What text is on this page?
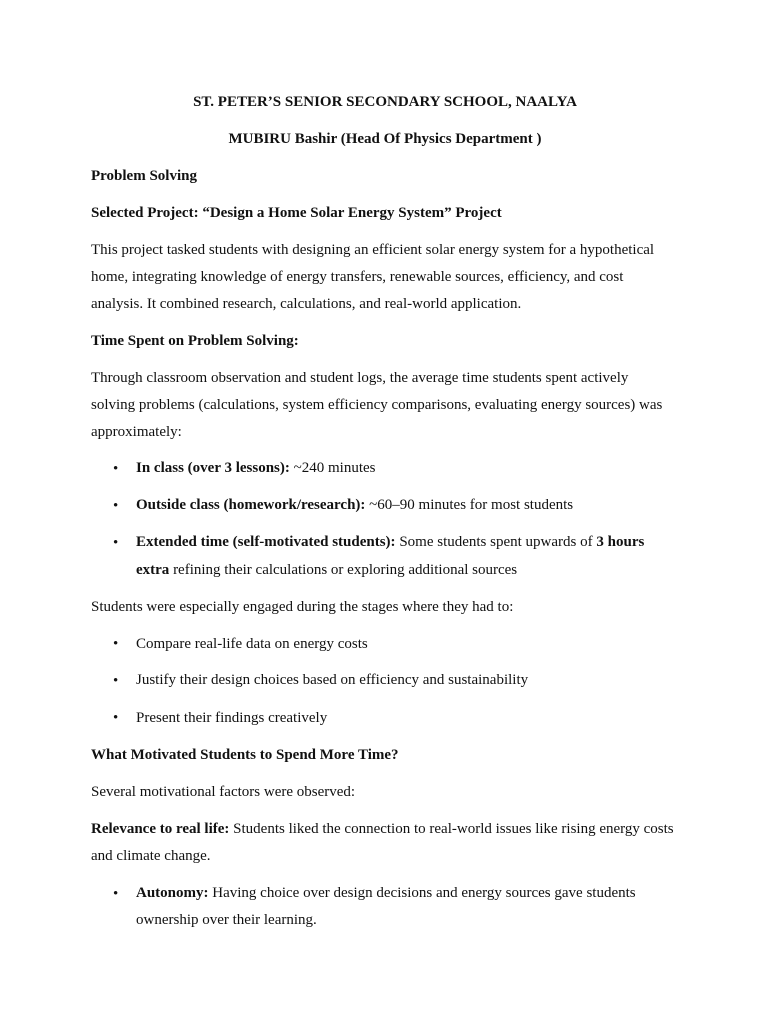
ST. PETER’S SENIOR SECONDARY SCHOOL, NAALYA
MUBIRU Bashir (Head Of Physics Department )
Problem Solving
Selected Project: “Design a Home Solar Energy System” Project
This project tasked students with designing an efficient solar energy system for a hypothetical
home, integrating knowledge of energy transfers, renewable sources, efficiency, and cost
analysis. It combined research, calculations, and real-world application.
Time Spent on Problem Solving:
Through classroom observation and student logs, the average time students spent actively
solving problems (calculations, system efficiency comparisons, evaluating energy sources) was
approximately:
• In class (over 3 lessons): ~240 minutes
• Outside class (homework/research): ~60–90 minutes for most students
• Extended time (self-motivated students): Some students spent upwards of 3 hours
extra refining their calculations or exploring additional sources
Students were especially engaged during the stages where they had to:
• Compare real-life data on energy costs
• Justify their design choices based on efficiency and sustainability
• Present their findings creatively
What Motivated Students to Spend More Time?
Several motivational factors were observed:
Relevance to real life: Students liked the connection to real-world issues like rising energy costs
and climate change.
• Autonomy: Having choice over design decisions and energy sources gave students
ownership over their learning.
